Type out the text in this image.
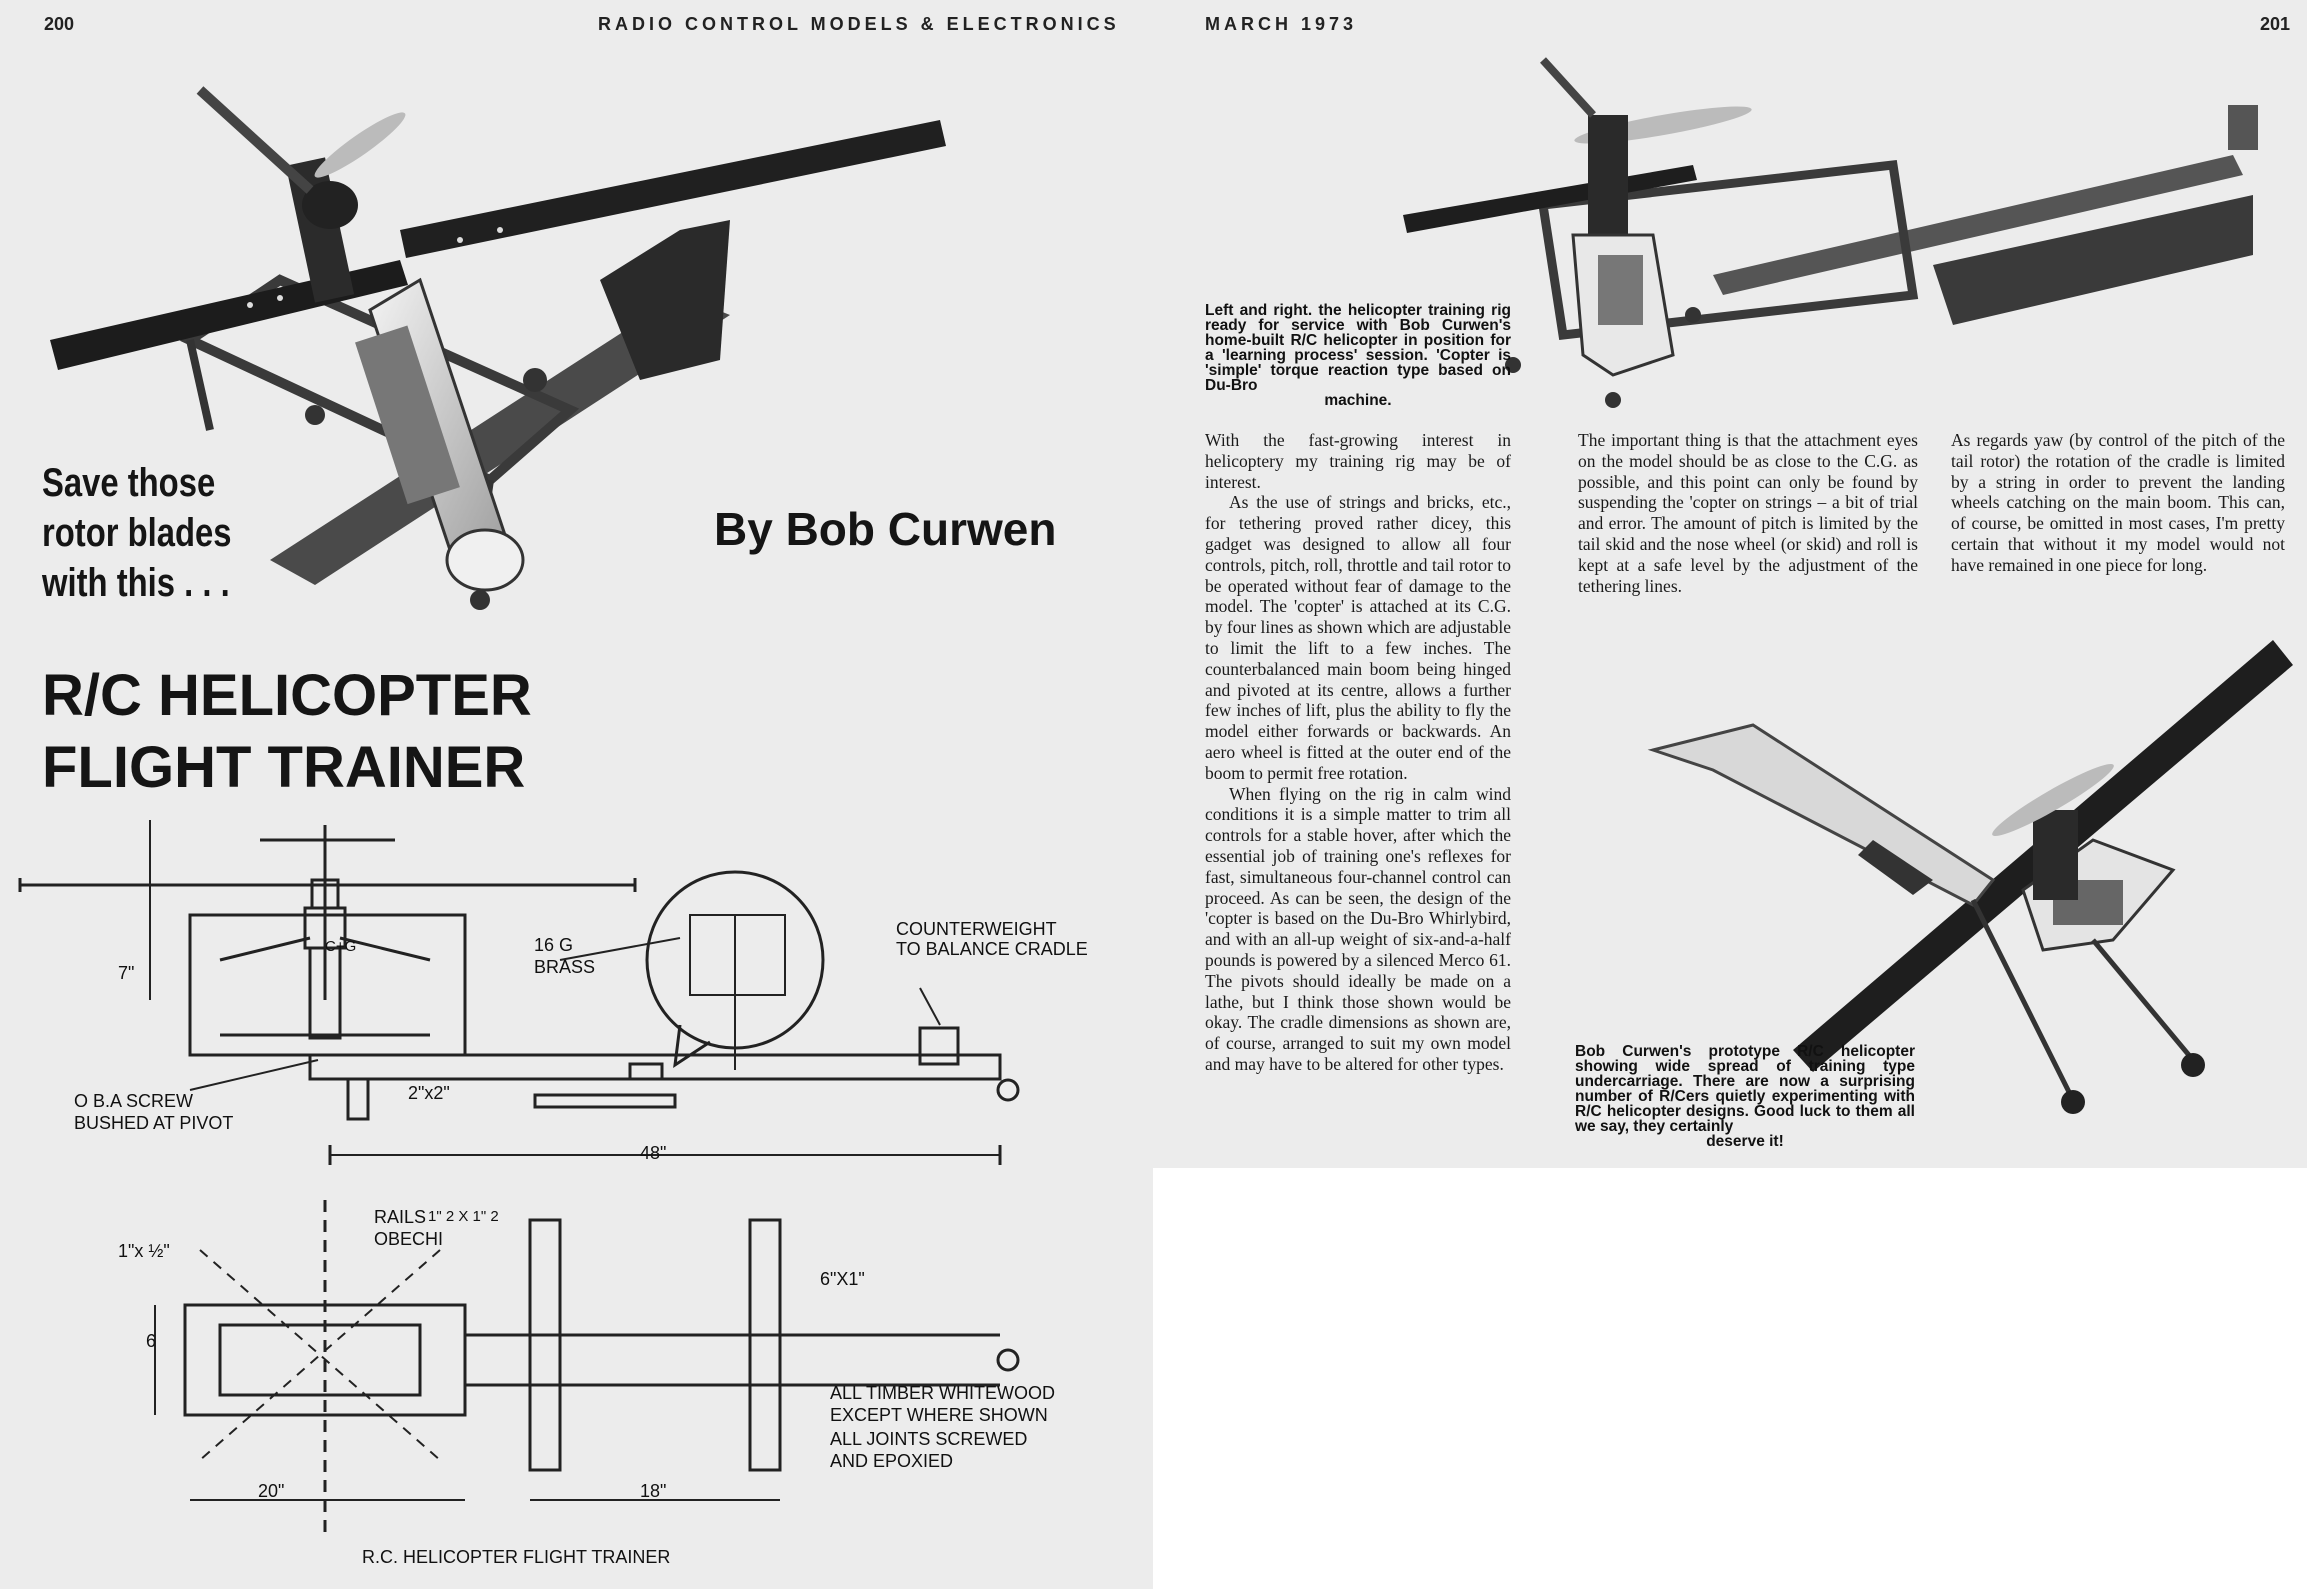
200	RADIO CONTROL MODELS & ELECTRONICS
Save those
rotor blades
with this . . .
By Bob Curwen
R/C HELICOPTER
FLIGHT TRAINER
C+G
7"
16 G
BRASS
COUNTERWEIGHT
TO BALANCE CRADLE
O B.A SCREW
BUSHED AT PIVOT
2"x2"
48"
RAILS 1" 2 X 1" 2
OBECHI
1"x ½"
6
6"X1"
ALL TIMBER WHITEWOOD
EXCEPT WHERE SHOWN
ALL JOINTS SCREWED
AND EPOXIED
20"	18"
R.C. HELICOPTER FLIGHT TRAINER
MARCH 1973	201
Left and right. the helicopter training rig ready for service with Bob Curwen's home-built R/C helicopter in position for a 'learning process' session. 'Copter is 'simple' torque reaction type based on Du-Bro
machine.

With the fast-growing interest in helicoptery my training rig may be of interest.

As the use of strings and bricks, etc., for tethering proved rather dicey, this gadget was designed to allow all four controls, pitch, roll, throttle and tail rotor to be operated without fear of damage to the model. The 'copter' is attached at its C.G. by four lines as shown which are adjustable to limit the lift to a few inches. The counterbalanced main boom being hinged and pivoted at its centre, allows a further few inches of lift, plus the ability to fly the model either forwards or backwards. An aero wheel is fitted at the outer end of the boom to permit free rotation.

When flying on the rig in calm wind conditions it is a simple matter to trim all controls for a stable hover, after which the essential job of training one's reflexes for fast, simultaneous four-channel control can proceed. As can be seen, the design of the 'copter is based on the Du-Bro Whirlybird, and with an all-up weight of six-and-a-half pounds is powered by a silenced Merco 61. The pivots should ideally be made on a lathe, but I think those shown would be okay. The cradle dimensions as shown are, of course, arranged to suit my own model and may have to be altered for other types.

The important thing is that the attachment eyes on the model should be as close to the C.G. as possible, and this point can only be found by suspending the 'copter on strings – a bit of trial and error. The amount of pitch is limited by the tail skid and the nose wheel (or skid) and roll is kept at a safe level by the adjustment of the tethering lines.

As regards yaw (by control of the pitch of the tail rotor) the rotation of the cradle is limited by a string in order to prevent the landing wheels catching on the main boom. This can, of course, be omitted in most cases, I'm pretty certain that without it my model would not have remained in one piece for long.

Bob Curwen's prototype R/C helicopter showing wide spread of training type undercarriage. There are now a surprising number of R/Cers quietly experimenting with R/C helicopter designs. Good luck to them all we say, they certainly
deserve it!
